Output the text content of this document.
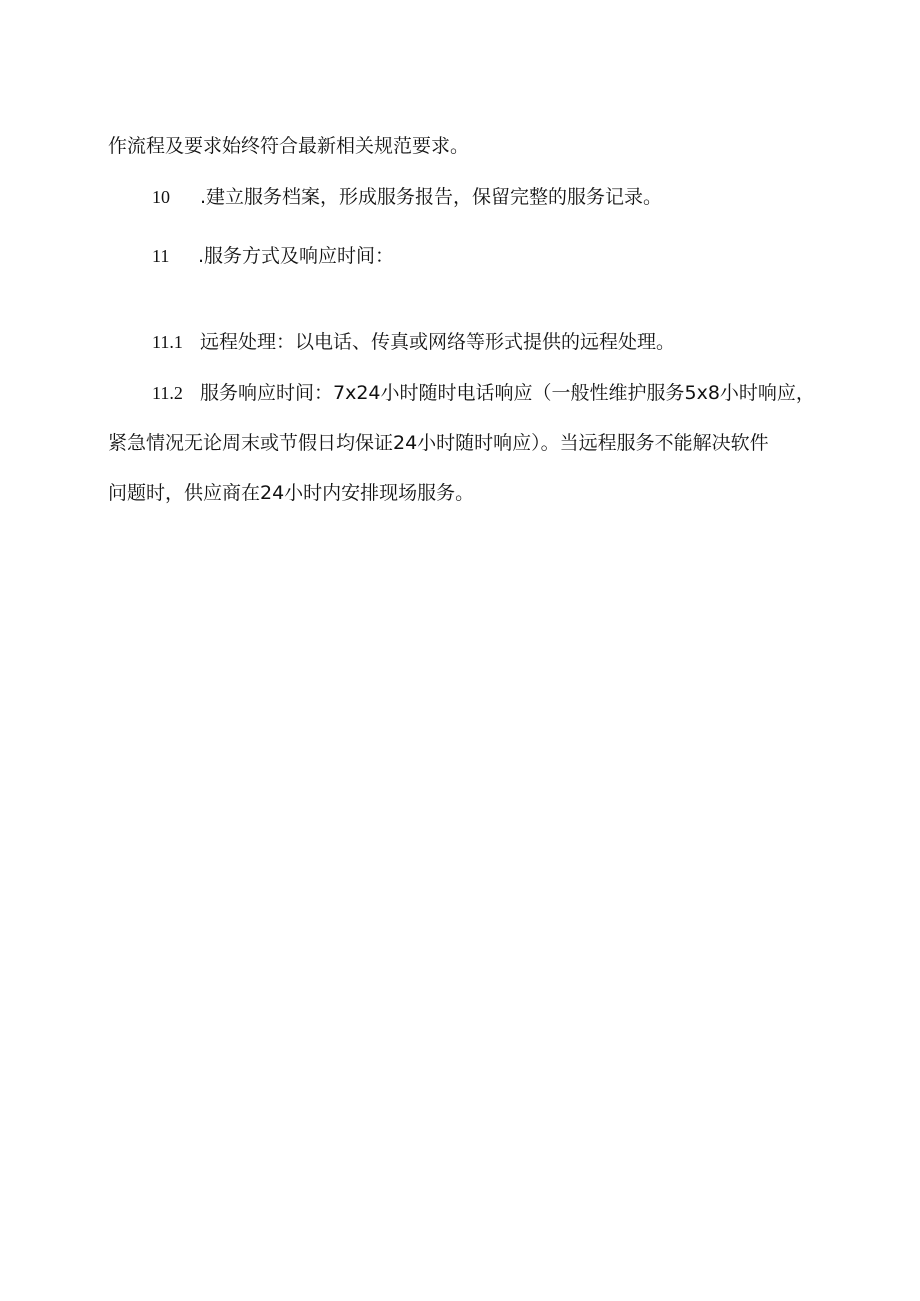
作流程及要求始终符合最新相关规范要求。
10 .建立服务档案，形成服务报告，保留完整的服务记录。
11 .服务方式及响应时间：
11.1 远程处理：以电话、传真或网络等形式提供的远程处理。
11.2 服务响应时间：7x24小时随时电话响应（一般性维护服务5x8小时响应，
紧急情况无论周末或节假日均保证24小时随时响应）。当远程服务不能解决软件
问题时，供应商在24小时内安排现场服务。
